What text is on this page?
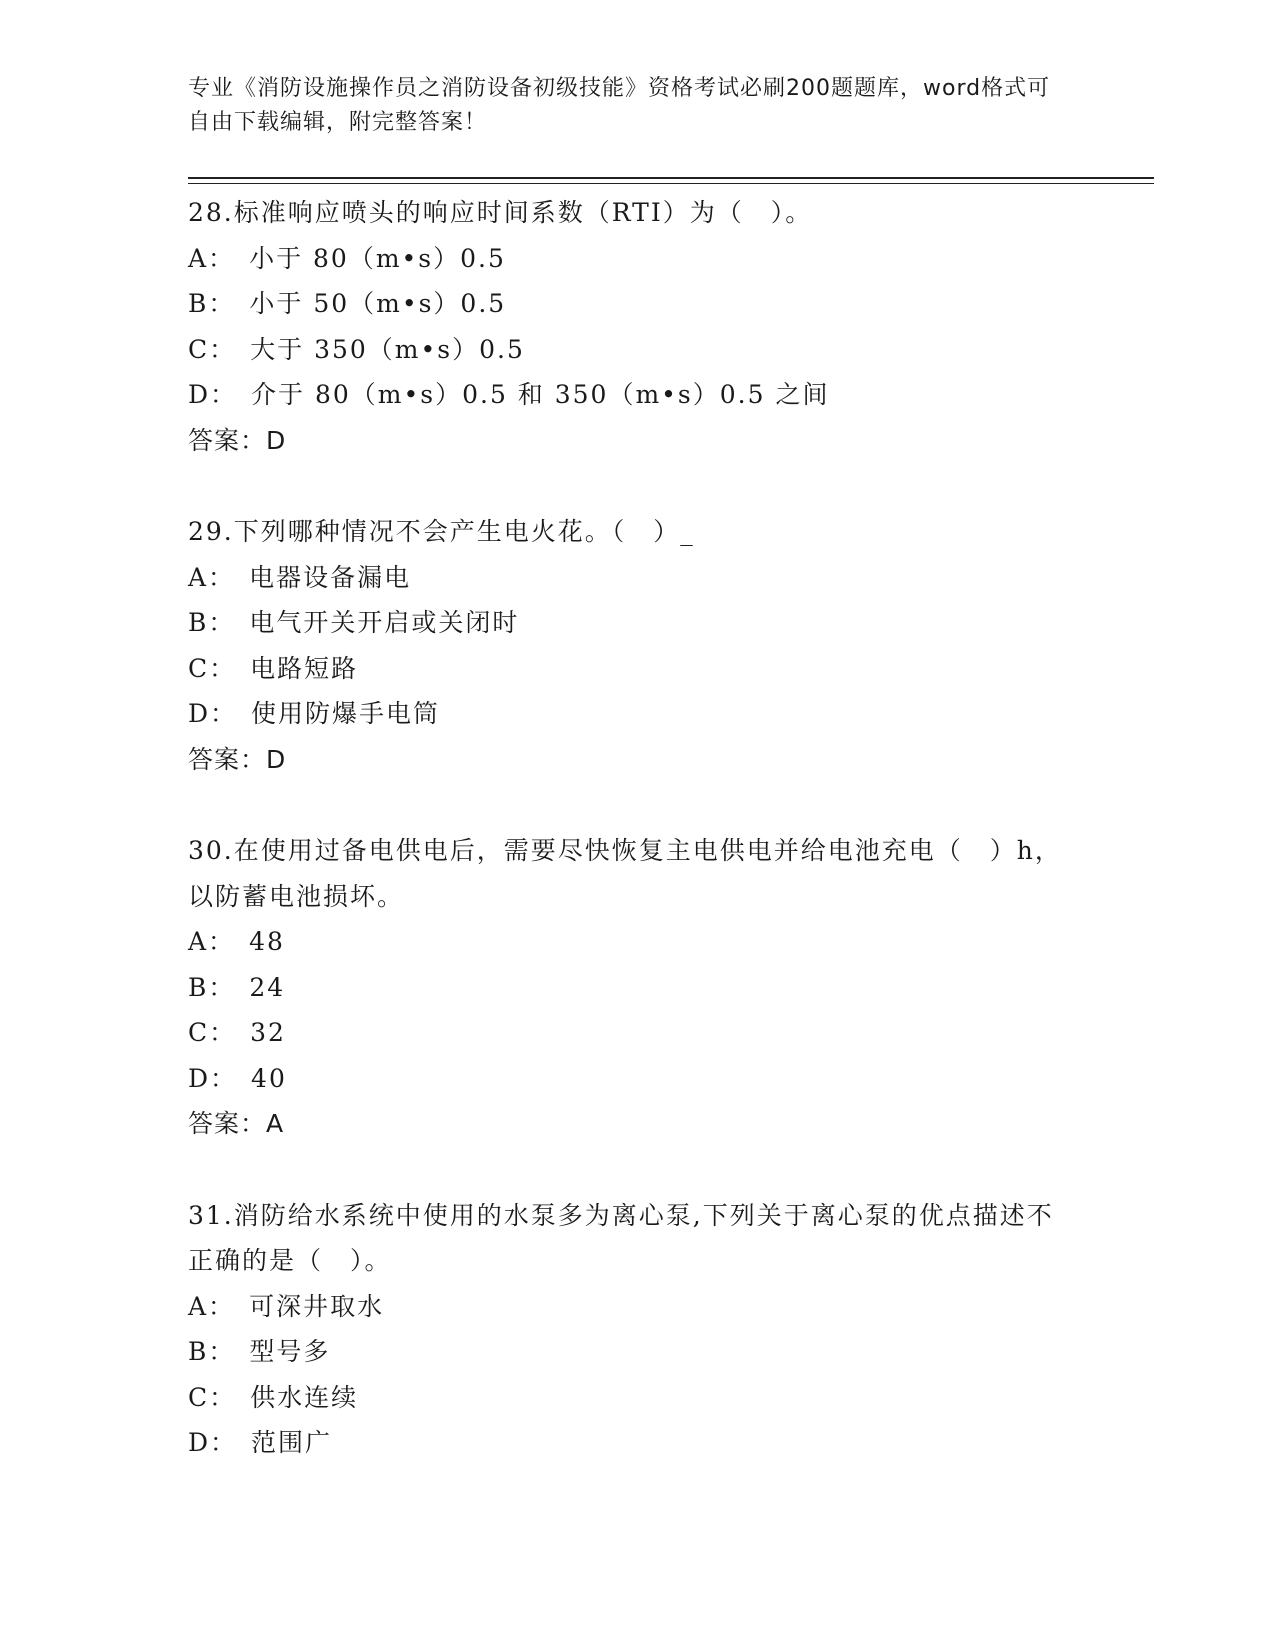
专业《消防设施操作员之消防设备初级技能》资格考试必刷200题题库，word格式可自由下载编辑，附完整答案！
28.标准响应喷头的响应时间系数（RTI）为（　）。
A： 小于 80（m•s）0.5
B： 小于 50（m•s）0.5
C： 大于 350（m•s）0.5
D： 介于 80（m•s）0.5 和 350（m•s）0.5 之间
答案：D
29.下列哪种情况不会产生电火花。（　）_
A： 电器设备漏电
B： 电气开关开启或关闭时
C： 电路短路
D： 使用防爆手电筒
答案：D
30.在使用过备电供电后，需要尽快恢复主电供电并给电池充电（　）h，以防蓄电池损坏。
A： 48
B： 24
C： 32
D： 40
答案：A
31.消防给水系统中使用的水泵多为离心泵,下列关于离心泵的优点描述不正确的是（　）。
A： 可深井取水
B： 型号多
C： 供水连续
D： 范围广
